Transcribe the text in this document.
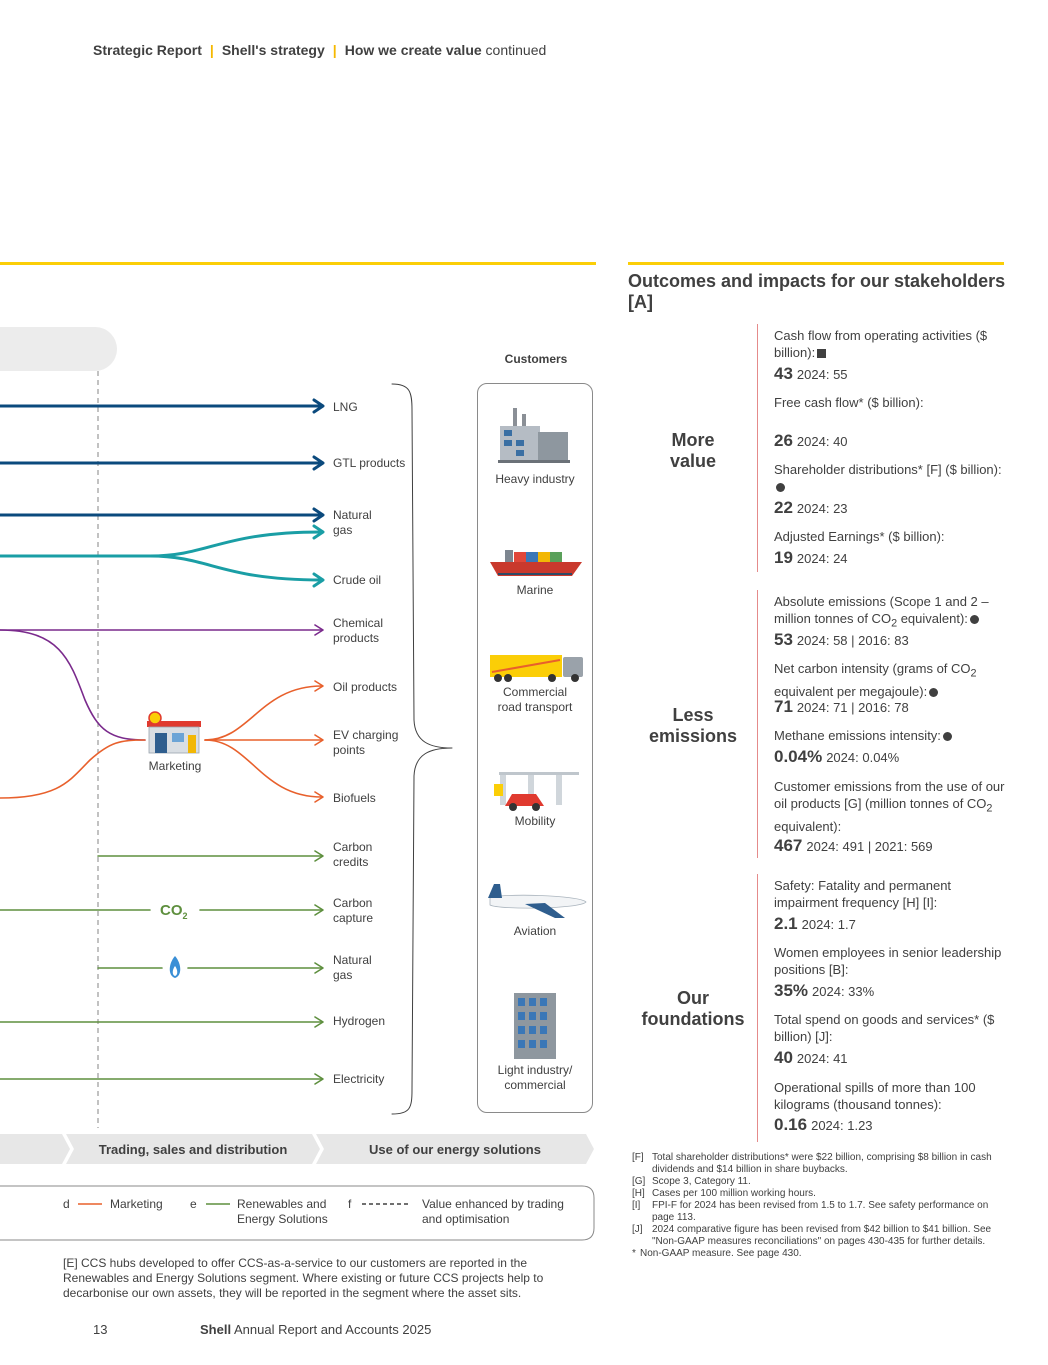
Strategic Report | Shell's strategy | How we create value continued
Marketing
$CO_2$
LNG
GTL products
Natural
gas
Crude oil
Chemical
products
Oil products
EV charging
points
Biofuels
Carbon
credits
Carbon
capture
Natural
gas
Hydrogen
Electricity
Customers
Heavy industry
Marine
Commercial
road transport
Mobility
Aviation
Light industry/
commercial
Trading, sales and distribution	Use of our energy solutions
d	Marketing e	Renewables and
Energy Solutions
f	Value enhanced by trading
and optimisation
[E] CCS hubs developed to offer CCS-as-a-service to our customers are reported in the Renewables and Energy Solutions segment. Where existing or future CCS projects help to decarbonise our own assets, they will be reported in the segment where the asset sits.
Outcomes and impacts for our stakeholders [A]
More
value
Less
emissions
Our
foundations
Cash flow from operating activities ($ billion):
43 2024: 55
Free cash flow* ($ billion):
26 2024: 40
Shareholder distributions* [F] ($ billion):
22 2024: 23
Adjusted Earnings* ($ billion):
19 2024: 24
Absolute emissions (Scope 1 and 2 – million tonnes of $CO_2$ equivalent):
53 2024: 58 | 2016: 83
Net carbon intensity (grams of $CO_2$ equivalent per megajoule):
71 2024: 71 | 2016: 78
Methane emissions intensity:
0.04% 2024: 0.04%
Customer emissions from the use of our oil products [G] (million tonnes of $CO_2$ equivalent):
467 2024: 491 | 2021: 569
Safety: Fatality and permanent impairment frequency [H] [I]:
2.1 2024: 1.7
Women employees in senior leadership positions [B]:
35% 2024: 33%
Total spend on goods and services* ($ billion) [J]:
40 2024: 41
Operational spills of more than 100 kilograms (thousand tonnes):
0.16 2024: 1.23
[F] Total shareholder distributions* were $22 billion, comprising $8 billion in cash dividends and $14 billion in share buybacks.
[G] Scope 3, Category 11.
[H] Cases per 100 million working hours.
[I]	FPI-F for 2024 has been revised from 1.5 to 1.7. See safety performance on page 113.
[J] 2024 comparative figure has been revised from $42 billion to $41 billion. See "Non-GAAP measures reconciliations" on pages 430-435 for further details.
* Non-GAAP measure. See page 430.
13	Shell Annual Report and Accounts 2025
